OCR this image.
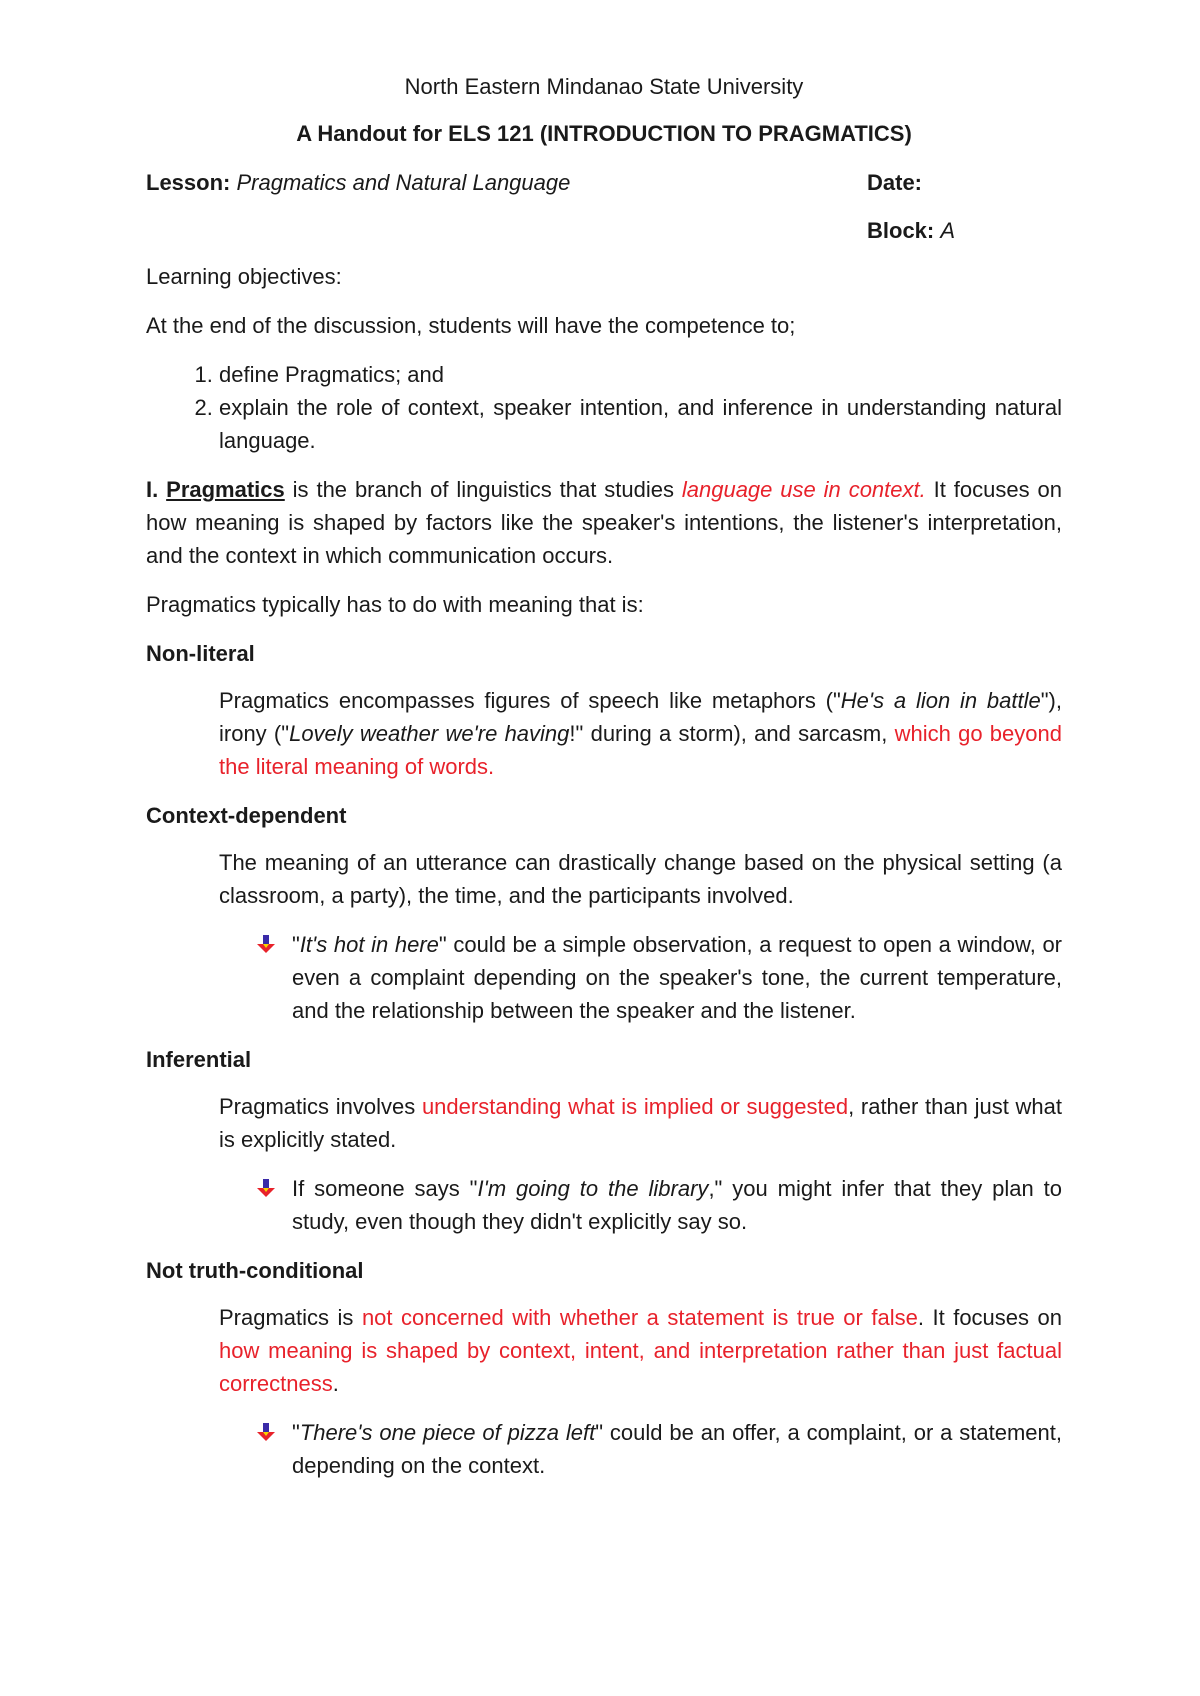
North Eastern Mindanao State University
A Handout for ELS 121 (INTRODUCTION TO PRAGMATICS)
Lesson: Pragmatics and Natural Language	Date:
Block: A

Learning objectives:

At the end of the discussion, students will have the competence to;

1. define Pragmatics; and
2. explain the role of context, speaker intention, and inference in understanding natural language.

I. Pragmatics is the branch of linguistics that studies language use in context. It focuses on how meaning is shaped by factors like the speaker's intentions, the listener's interpretation, and the context in which communication occurs.

Pragmatics typically has to do with meaning that is:

Non-literal
Pragmatics encompasses figures of speech like metaphors ("He's a lion in battle"), irony ("Lovely weather we're having!" during a storm), and sarcasm, which go beyond the literal meaning of words.
Context-dependent
The meaning of an utterance can drastically change based on the physical setting (a classroom, a party), the time, and the participants involved.
"It's hot in here" could be a simple observation, a request to open a window, or even a complaint depending on the speaker's tone, the current temperature, and the relationship between the speaker and the listener.
Inferential
Pragmatics involves understanding what is implied or suggested, rather than just what is explicitly stated.
If someone says "I'm going to the library," you might infer that they plan to study, even though they didn't explicitly say so.
Not truth-conditional
Pragmatics is not concerned with whether a statement is true or false. It focuses on how meaning is shaped by context, intent, and interpretation rather than just factual correctness.
"There's one piece of pizza left" could be an offer, a complaint, or a statement, depending on the context.
